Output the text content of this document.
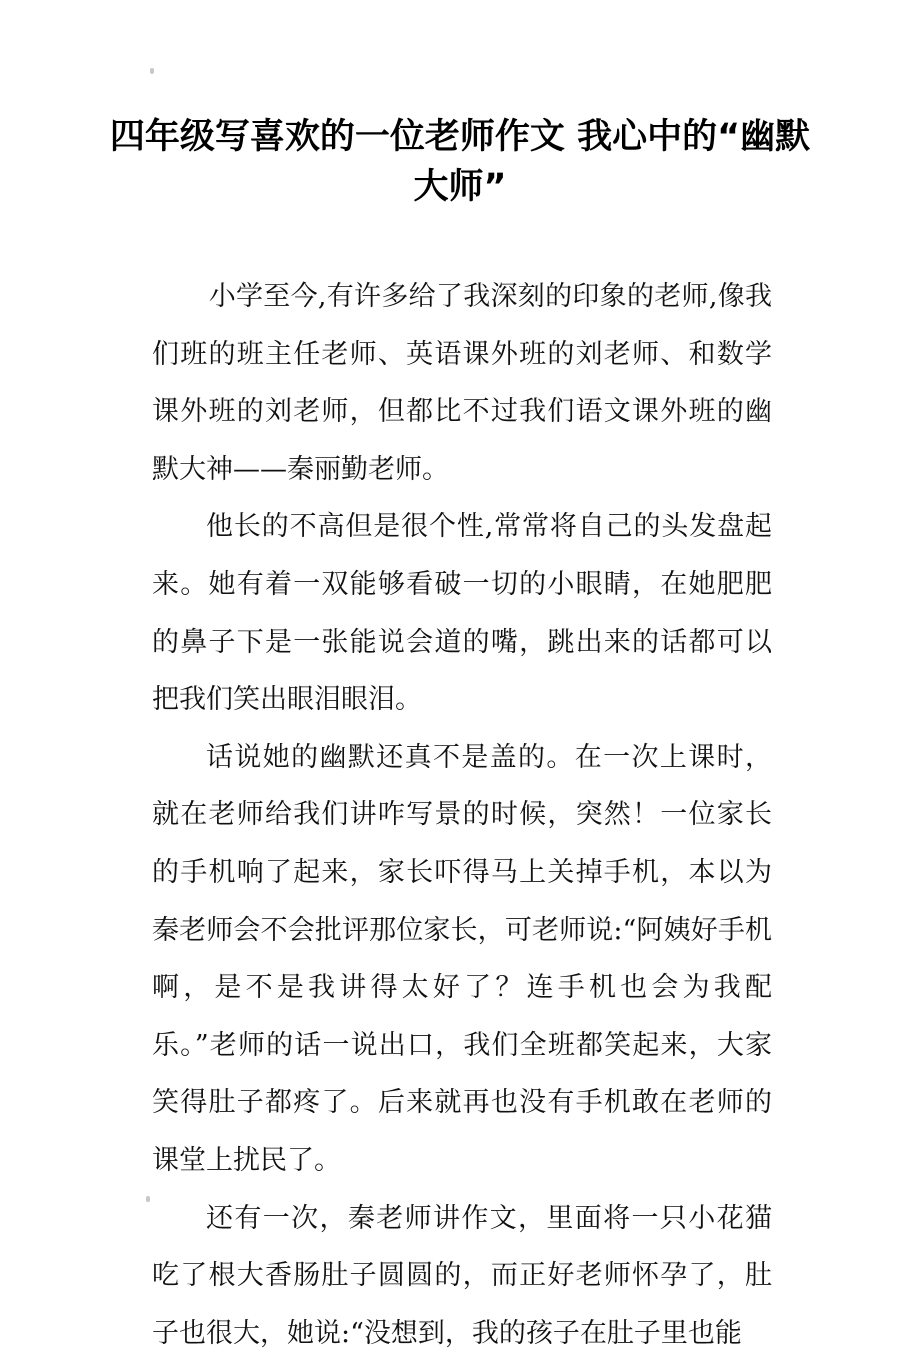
四年级写喜欢的一位老师作文 我心中的“幽默大师”

小学至今,有许多给了我深刻的印象的老师,像我们班的班主任老师、英语课外班的刘老师、和数学课外班的刘老师，但都比不过我们语文课外班的幽默大神——秦丽勤老师。

他长的不高但是很个性,常常将自己的头发盘起来。她有着一双能够看破一切的小眼睛，在她肥肥的鼻子下是一张能说会道的嘴，跳出来的话都可以把我们笑出眼泪眼泪。

话说她的幽默还真不是盖的。在一次上课时，就在老师给我们讲咋写景的时候，突然！一位家长的手机响了起来，家长吓得马上关掉手机，本以为秦老师会不会批评那位家长，可老师说:“阿姨好手机啊，是不是我讲得太好了？连手机也会为我配乐。”老师的话一说出口，我们全班都笑起来，大家笑得肚子都疼了。后来就再也没有手机敢在老师的课堂上扰民了。

还有一次，秦老师讲作文，里面将一只小花猫吃了根大香肠肚子圆圆的，而正好老师怀孕了，肚子也很大，她说:“没想到，我的孩子在肚子里也能
